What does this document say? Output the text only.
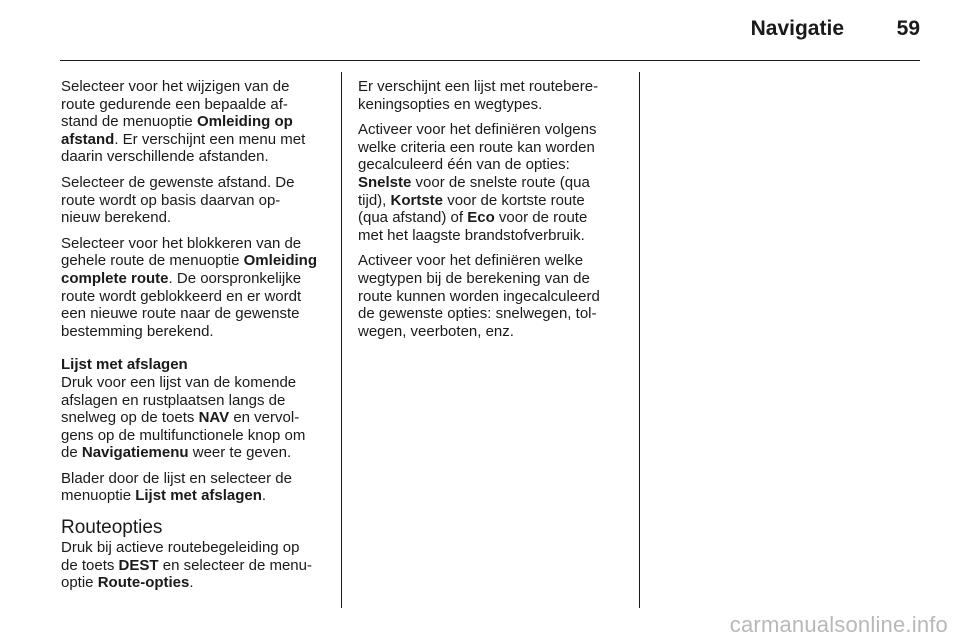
Navigatie	59

Selecteer voor het wijzigen van de
route gedurende een bepaalde af-
stand de menuoptie Omleiding op
afstand. Er verschijnt een menu met
daarin verschillende afstanden.

Selecteer de gewenste afstand. De
route wordt op basis daarvan op-
nieuw berekend.

Selecteer voor het blokkeren van de
gehele route de menuoptie Omleiding
complete route. De oorspronkelijke
route wordt geblokkeerd en er wordt
een nieuwe route naar de gewenste
bestemming berekend.

Lijst met afslagen

Druk voor een lijst van de komende
afslagen en rustplaatsen langs de
snelweg op de toets NAV en vervol-
gens op de multifunctionele knop om
de Navigatiemenu weer te geven.

Blader door de lijst en selecteer de
menuoptie Lijst met afslagen.

Routeopties

Druk bij actieve routebegeleiding op
de toets DEST en selecteer de menu-
optie Route-opties.

Er verschijnt een lijst met routebere-
keningsopties en wegtypes.

Activeer voor het definiëren volgens
welke criteria een route kan worden
gecalculeerd één van de opties:
Snelste voor de snelste route (qua
tijd), Kortste voor de kortste route
(qua afstand) of Eco voor de route
met het laagste brandstofverbruik.

Activeer voor het definiëren welke
wegtypen bij de berekening van de
route kunnen worden ingecalculeerd
de gewenste opties: snelwegen, tol-
wegen, veerboten, enz.

carmanualsonline.info
